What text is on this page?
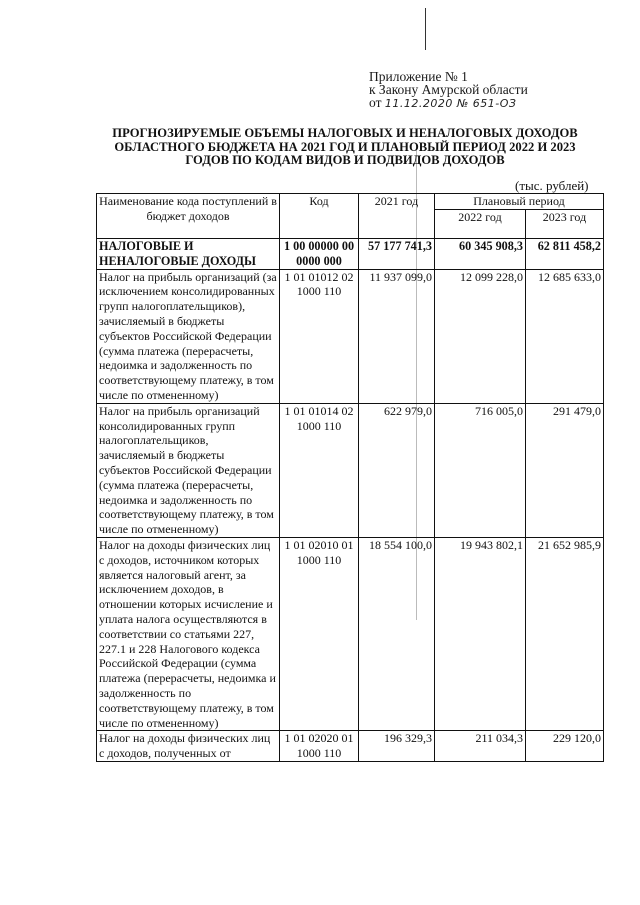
Приложение № 1
к Закону Амурской области
от 11.12.2020 № 651-ОЗ
ПРОГНОЗИРУЕМЫЕ ОБЪЕМЫ НАЛОГОВЫХ И НЕНАЛОГОВЫХ ДОХОДОВ
ОБЛАСТНОГО БЮДЖЕТА НА 2021 ГОД И ПЛАНОВЫЙ ПЕРИОД 2022 И 2023
ГОДОВ ПО КОДАМ ВИДОВ И ПОДВИДОВ ДОХОДОВ
(тыс. рублей)
Наименование кода поступлений в бюджет доходов	Код	2021 год	Плановый период	
			2022 год	2023 год
НАЛОГОВЫЕ И НЕНАЛОГОВЫЕ ДОХОДЫ	1 00 00000 00 0000 000	57 177 741,3	60 345 908,3	62 811 458,2
Налог на прибыль организаций (за исключением консолидированных групп налогоплательщиков), зачисляемый в бюджеты субъектов Российской Федерации (сумма платежа (перерасчеты, недоимка и задолженность по соответствующему платежу, в том числе по отмененному)	1 01 01012 02 1000 110	11 937 099,0	12 099 228,0	12 685 633,0
Налог на прибыль организаций консолидированных групп налогоплательщиков, зачисляемый в бюджеты субъектов Российской Федерации (сумма платежа (перерасчеты, недоимка и задолженность по соответствующему платежу, в том числе по отмененному)	1 01 01014 02 1000 110	622 979,0	716 005,0	291 479,0
Налог на доходы физических лиц с доходов, источником которых является налоговый агент, за исключением доходов, в отношении которых исчисление и уплата налога осуществляются в соответствии со статьями 227, 227.1 и 228 Налогового кодекса Российской Федерации (сумма платежа (перерасчеты, недоимка и задолженность по соответствующему платежу, в том числе по отмененному)	1 01 02010 01 1000 110	18 554 100,0	19 943 802,1	21 652 985,9
Налог на доходы физических лиц с доходов, полученных от	1 01 02020 01 1000 110	196 329,3	211 034,3	229 120,0
